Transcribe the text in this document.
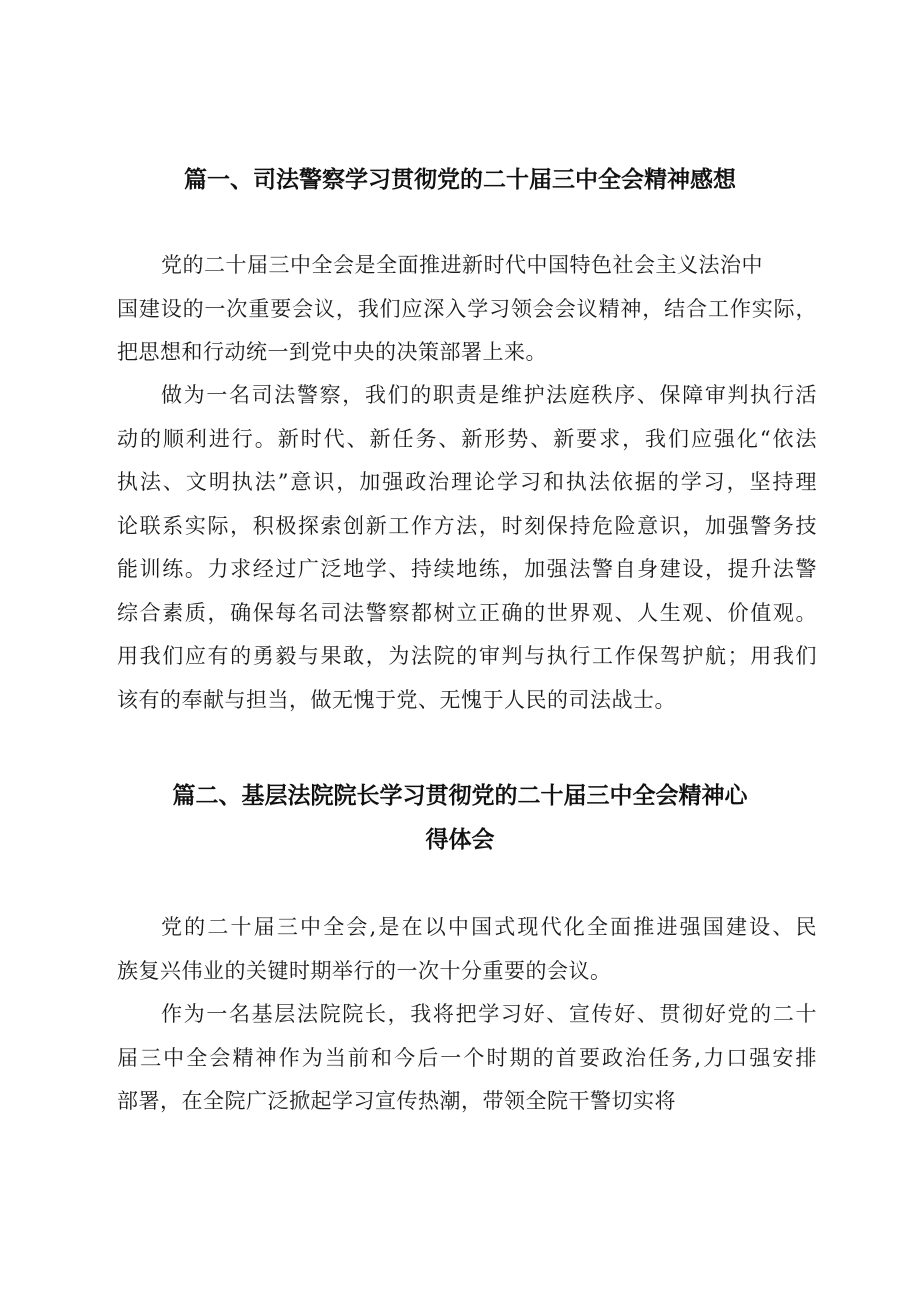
篇一、司法警察学习贯彻党的二十届三中全会精神感想
党的二十届三中全会是全面推进新时代中国特色社会主义法治中
国建设的一次重要会议，我们应深入学习领会会议精神，结合工作实际，
把思想和行动统一到党中央的决策部署上来。
做为一名司法警察，我们的职责是维护法庭秩序、保障审判执行活
动的顺利进行。新时代、新任务、新形势、新要求，我们应强化“依法
执法、文明执法”意识，加强政治理论学习和执法依据的学习，坚持理
论联系实际，积极探索创新工作方法，时刻保持危险意识，加强警务技
能训练。力求经过广泛地学、持续地练，加强法警自身建设，提升法警
综合素质，确保每名司法警察都树立正确的世界观、人生观、价值观。
用我们应有的勇毅与果敢，为法院的审判与执行工作保驾护航；用我们
该有的奉献与担当，做无愧于党、无愧于人民的司法战士。
篇二、基层法院院长学习贯彻党的二十届三中全会精神心
得体会
党的二十届三中全会,是在以中国式现代化全面推进强国建设、民
族复兴伟业的关键时期举行的一次十分重要的会议。
作为一名基层法院院长，我将把学习好、宣传好、贯彻好党的二十
届三中全会精神作为当前和今后一个时期的首要政治任务,力口强安排
部署，在全院广泛掀起学习宣传热潮，带领全院干警切实将
